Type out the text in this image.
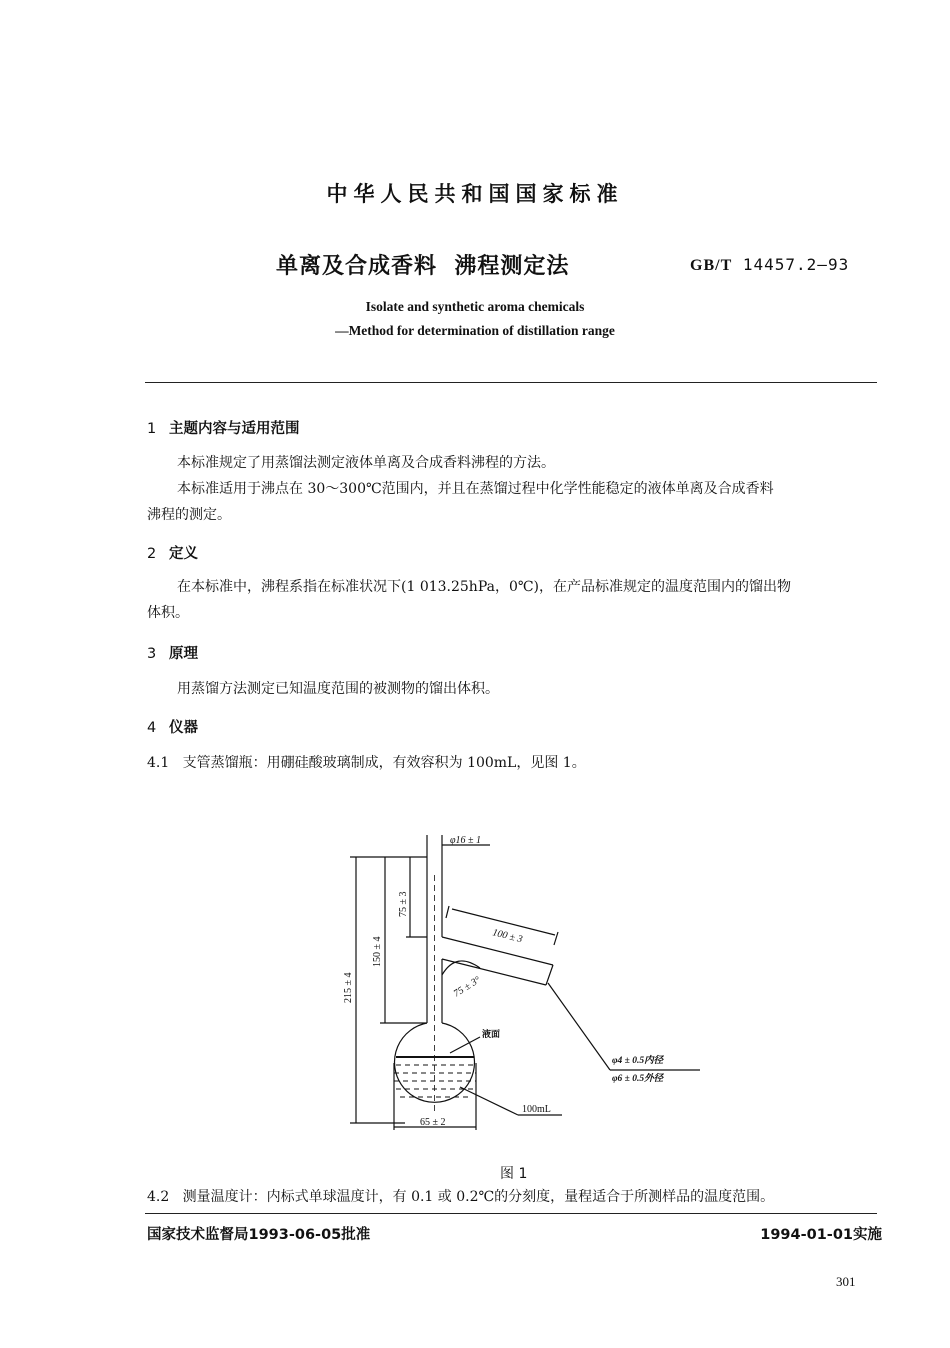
中华人民共和国国家标准
单离及合成香料  沸程测定法	GB/T 14457.2—93
Isolate and synthetic aroma chemicals
—Method for determination of distillation range
1 主题内容与适用范围
本标准规定了用蒸馏法测定液体单离及合成香料沸程的方法。
本标准适用于沸点在 30～300℃范围内，并且在蒸馏过程中化学性能稳定的液体单离及合成香料
沸程的测定。
2 定义
在本标准中，沸程系指在标准状况下(1 013.25hPa，0℃)，在产品标准规定的温度范围内的馏出物
体积。
3 原理
用蒸馏方法测定已知温度范围的被测物的馏出体积。
4 仪器
4.1   支管蒸馏瓶：用硼硅酸玻璃制成，有效容积为 100mL，见图 1。
φ16 ± 1
100 ± 3
75 ± 3°
75 ± 3
150 ± 4
215 ± 4
液面
φ4 ± 0.5内径
φ6 ± 0.5外径
100mL
65 ± 2
图 1
4.2   测量温度计：内标式单球温度计，有 0.1 或 0.2℃的分刻度，量程适合于所测样品的温度范围。
国家技术监督局1993-06-05批准	1994-01-01实施
301
